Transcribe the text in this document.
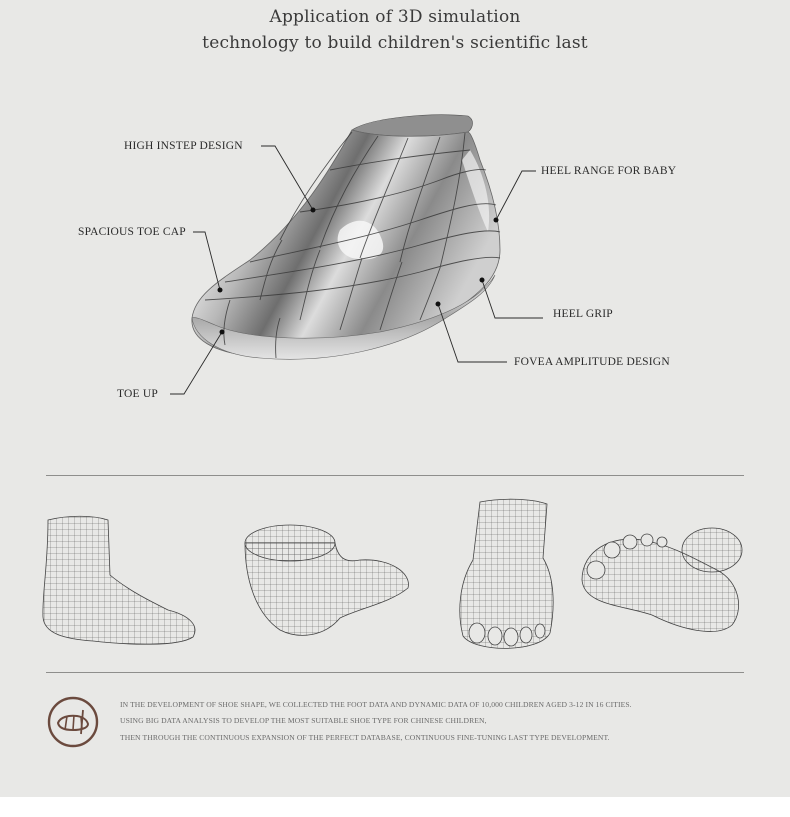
Application of 3D simulation
technology to build children's scientific last
HIGH INSTEP DESIGN
HEEL RANGE FOR BABY
SPACIOUS TOE CAP
HEEL GRIP
FOVEA AMPLITUDE DESIGN
TOE UP
IN THE DEVELOPMENT OF SHOE SHAPE, WE COLLECTED THE FOOT DATA AND DYNAMIC DATA OF 10,000 CHILDREN AGED 3-12 IN 16 CITIES.
USING BIG DATA ANALYSIS TO DEVELOP THE MOST SUITABLE SHOE TYPE FOR CHINESE CHILDREN,
THEN THROUGH THE CONTINUOUS EXPANSION OF THE PERFECT DATABASE, CONTINUOUS FINE-TUNING LAST TYPE DEVELOPMENT.
